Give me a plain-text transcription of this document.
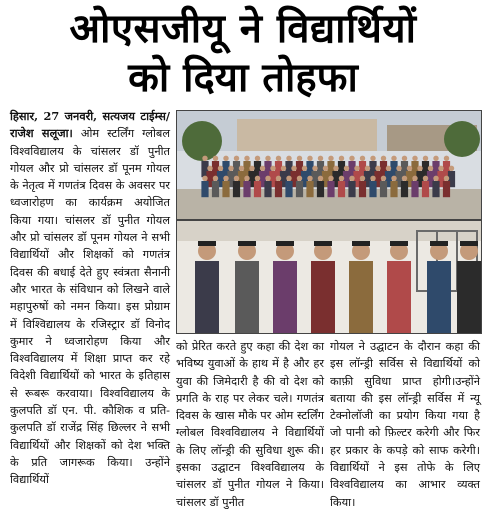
ओएसजीयू ने विद्यार्थियों
को दिया तोहफा

हिसार, 27 जनवरी, सत्यजय टाईम्स/राजेश सलूजा। ओम स्टर्लिंग ग्लोबल विश्वविद्यालय के चांसलर डॉ पुनीत गोयल और प्रो चांसलर डॉ पूनम गोयल के नेतृत्व में गणतंत्र दिवस के अवसर पर ध्वजारोहण का कार्यक्रम अयोजित किया गया। चांसलर डॉ पुनीत गोयल और प्रो चांसलर डॉ पूनम गोयल ने सभी विद्यार्थियों और शिक्षकों को गणतंत्र दिवस की बधाई देते हुए स्वंत्रता सैनानी और भारत के संविधान को लिखने वाले महापुरुषों को नमन किया। इस प्रोग्राम में विश्विद्यालय के रजिस्ट्रार डॉ विनोद कुमार ने ध्वजारोहण किया और विश्वविद्यालय में शिक्षा प्राप्त कर रहे विदेशी विद्यार्थियों को भारत के इतिहास से रूबरू करवाया। विश्वविद्यालय के कुलपति डॉ एन. पी. कौशिक व प्रति-कुलपति डॉ राजेंद्र सिंह छिल्लर ने सभी विद्यार्थियों और शिक्षकों को देश भक्ति के प्रति जागरूक किया। उन्होंने विद्यार्थियों

को प्रेरित करते हुए कहा की देश का भविष्य युवाओं के हाथ में है और हर युवा की जिमेदारी है की वो देश को प्रगति के राह पर लेकर चले। गणतंत्र दिवस के खास मौके पर ओम स्टर्लिंग ग्लोबल विश्वविद्यालय ने विद्यार्थियों के लिए लॉन्ड्री की सुविधा शुरू की। इसका उद्घाटन विश्वविद्यालय के चांसलर डॉ पुनीत गोयल ने किया। चांसलर डॉ पुनीत

गोयल ने उद्घाटन के दौरान कहा की इस लॉन्ड्री सर्विस से विद्यार्थियों को काफ़ी सुविधा प्राप्त होगी।उन्होंने बताया की इस लॉन्ड्री सर्विस में न्यू टेक्नोलॉजी का प्रयोग किया गया है जो पानी को फ़िल्टर करेगी और फिर हर प्रकार के कपड़े को साफ करेगी। विद्यार्थियों ने इस तोफे के लिए विश्वविद्यालय का आभार व्यक्त किया।
